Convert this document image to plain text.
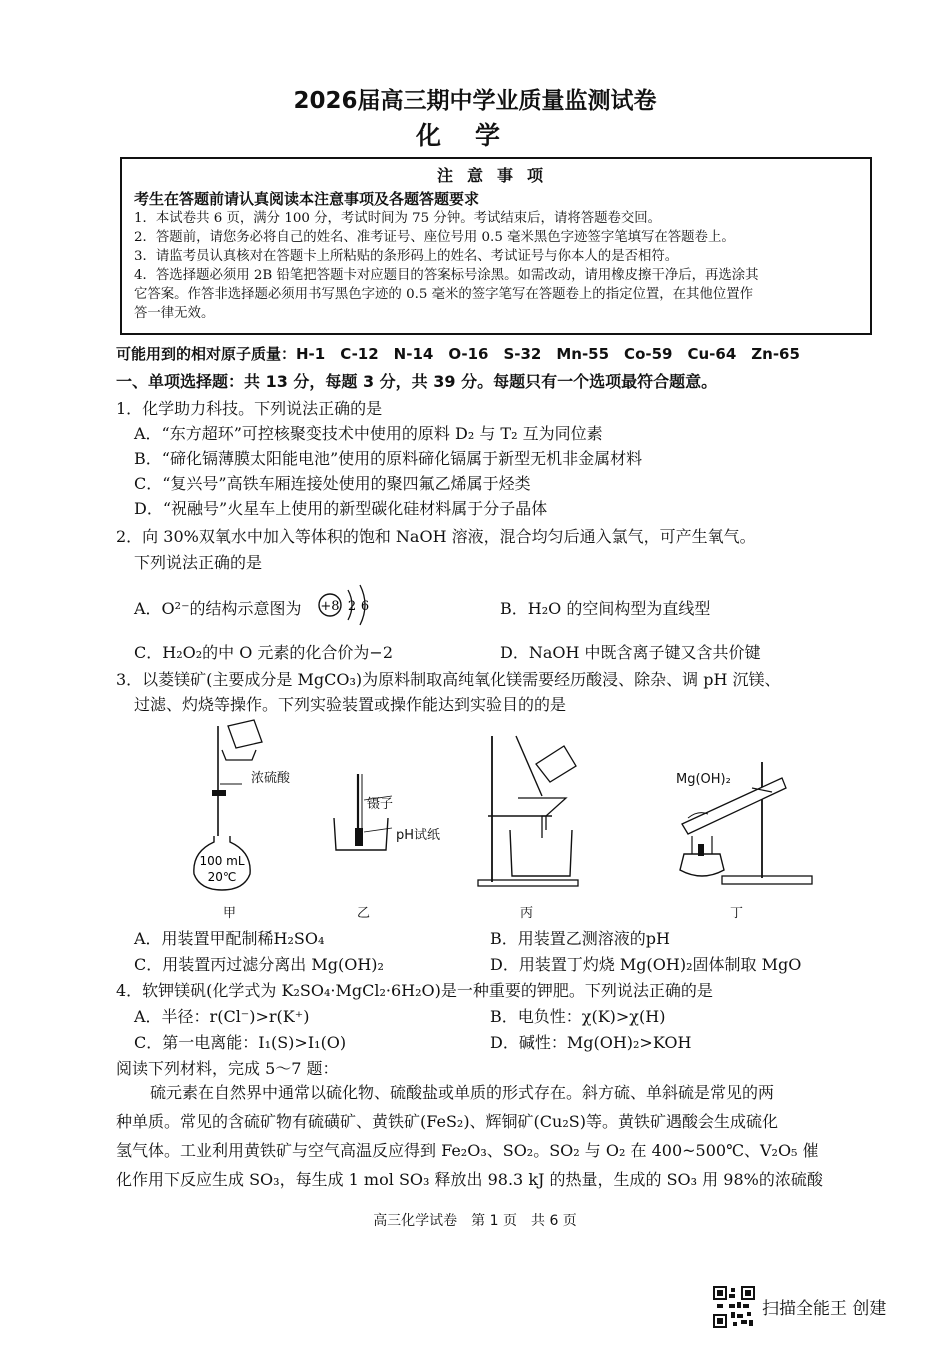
2026届高三期中学业质量监测试卷
化学
注意事项
考生在答题前请认真阅读本注意事项及各题答题要求
1．本试卷共 6 页，满分 100 分，考试时间为 75 分钟。考试结束后，请将答题卷交回。
2．答题前，请您务必将自己的姓名、准考证号、座位号用 0.5 毫米黑色字迹签字笔填写在答题卷上。
3．请监考员认真核对在答题卡上所粘贴的条形码上的姓名、考试证号与你本人的是否相符。
4．答选择题必须用 2B 铅笔把答题卡对应题目的答案标号涂黑。如需改动，请用橡皮擦干净后，再选涂其
它答案。作答非选择题必须用书写黑色字迹的 0.5 毫米的签字笔写在答题卷上的指定位置，在其他位置作
答一律无效。
可能用到的相对原子质量：H-1　C-12　N-14　O-16　S-32　Mn-55　Co-59　Cu-64　Zn-65
一、单项选择题：共 13 分，每题 3 分，共 39 分。每题只有一个选项最符合题意。
1．化学助力科技。下列说法正确的是
A．“东方超环”可控核聚变技术中使用的原料 D₂ 与 T₂ 互为同位素
B．“碲化镉薄膜太阳能电池”使用的原料碲化镉属于新型无机非金属材料
C．“复兴号”高铁车厢连接处使用的聚四氟乙烯属于烃类
D．“祝融号”火星车上使用的新型碳化硅材料属于分子晶体
2．向 30%双氧水中加入等体积的饱和 NaOH 溶液，混合均匀后通入氯气，可产生氧气。
下列说法正确的是
A．O²⁻的结构示意图为 +8 2 6	B．H₂O 的空间构型为直线型
C．H₂O₂的中 O 元素的化合价为−2	D．NaOH 中既含离子键又含共价键
3．以菱镁矿(主要成分是 MgCO₃)为原料制取高纯氧化镁需要经历酸浸、除杂、调 pH 沉镁、
过滤、灼烧等操作。下列实验装置或操作能达到实验目的的是
100 mL
20℃
浓硫酸
甲
镊子
pH试纸
乙	丙
Mg(OH)₂
丁
A．用装置甲配制稀H₂SO₄	B．用装置乙测溶液的pH
C．用装置丙过滤分离出 Mg(OH)₂	D．用装置丁灼烧 Mg(OH)₂固体制取 MgO
4．软钾镁矾(化学式为 K₂SO₄·MgCl₂·6H₂O)是一种重要的钾肥。下列说法正确的是
A．半径：r(Cl⁻)>r(K⁺)	B．电负性：χ(K)>χ(H)
C．第一电离能：I₁(S)>I₁(O)	D．碱性：Mg(OH)₂>KOH
阅读下列材料，完成 5～7 题：
硫元素在自然界中通常以硫化物、硫酸盐或单质的形式存在。斜方硫、单斜硫是常见的两
种单质。常见的含硫矿物有硫磺矿、黄铁矿(FeS₂)、辉铜矿(Cu₂S)等。黄铁矿遇酸会生成硫化
氢气体。工业利用黄铁矿与空气高温反应得到 Fe₂O₃、SO₂。SO₂ 与 O₂ 在 400~500℃、V₂O₅ 催
化作用下反应生成 SO₃，每生成 1 mol SO₃ 释放出 98.3 kJ 的热量，生成的 SO₃ 用 98%的浓硫酸
高三化学试卷　第 1 页　共 6 页
扫描全能王 创建
